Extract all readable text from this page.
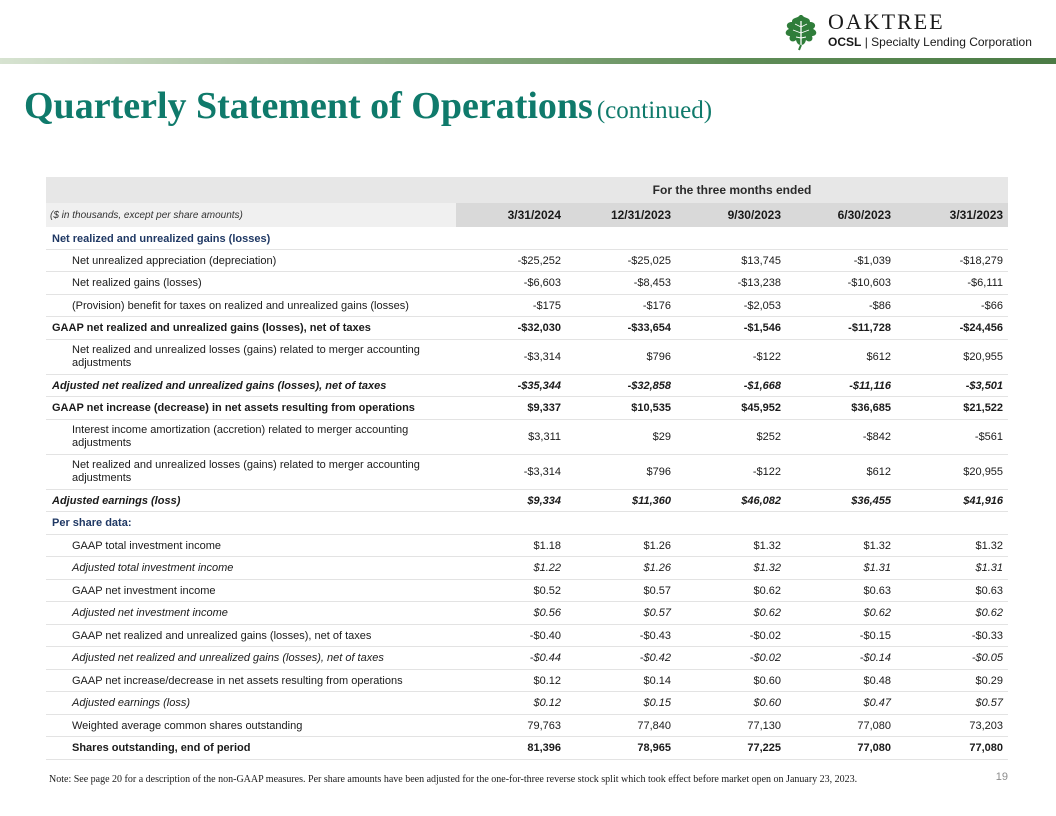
OAKTREE
OCSL | Specialty Lending Corporation
Quarterly Statement of Operations (continued)
	For the three months ended				
($ in thousands, except per share amounts)	3/31/2024	12/31/2023	9/30/2023	6/30/2023	3/31/2023
Net realized and unrealized gains (losses)					
Net unrealized appreciation (depreciation)	-$25,252	-$25,025	$13,745	-$1,039	-$18,279
Net realized gains (losses)	-$6,603	-$8,453	-$13,238	-$10,603	-$6,111
(Provision) benefit for taxes on realized and unrealized gains (losses)	-$175	-$176	-$2,053	-$86	-$66
GAAP net realized and unrealized gains (losses), net of taxes	-$32,030	-$33,654	-$1,546	-$11,728	-$24,456
Net realized and unrealized losses (gains) related to merger accounting adjustments	-$3,314	$796	-$122	$612	$20,955
Adjusted net realized and unrealized gains (losses), net of taxes	-$35,344	-$32,858	-$1,668	-$11,116	-$3,501
GAAP net increase (decrease) in net assets resulting from operations	$9,337	$10,535	$45,952	$36,685	$21,522
Interest income amortization (accretion) related to merger accounting adjustments	$3,311	$29	$252	-$842	-$561
Net realized and unrealized losses (gains) related to merger accounting adjustments	-$3,314	$796	-$122	$612	$20,955
Adjusted earnings (loss)	$9,334	$11,360	$46,082	$36,455	$41,916
Per share data:					
GAAP total investment income	$1.18	$1.26	$1.32	$1.32	$1.32
Adjusted total investment income	$1.22	$1.26	$1.32	$1.31	$1.31
GAAP net investment income	$0.52	$0.57	$0.62	$0.63	$0.63
Adjusted net investment income	$0.56	$0.57	$0.62	$0.62	$0.62
GAAP net realized and unrealized gains (losses), net of taxes	-$0.40	-$0.43	-$0.02	-$0.15	-$0.33
Adjusted net realized and unrealized gains (losses), net of taxes	-$0.44	-$0.42	-$0.02	-$0.14	-$0.05
GAAP net increase/decrease in net assets resulting from operations	$0.12	$0.14	$0.60	$0.48	$0.29
Adjusted earnings (loss)	$0.12	$0.15	$0.60	$0.47	$0.57
Weighted average common shares outstanding	79,763	77,840	77,130	77,080	73,203
Shares outstanding, end of period	81,396	78,965	77,225	77,080	77,080
Note: See page 20 for a description of the non-GAAP measures. Per share amounts have been adjusted for the one-for-three reverse stock split which took effect before market open on January 23, 2023.	19
